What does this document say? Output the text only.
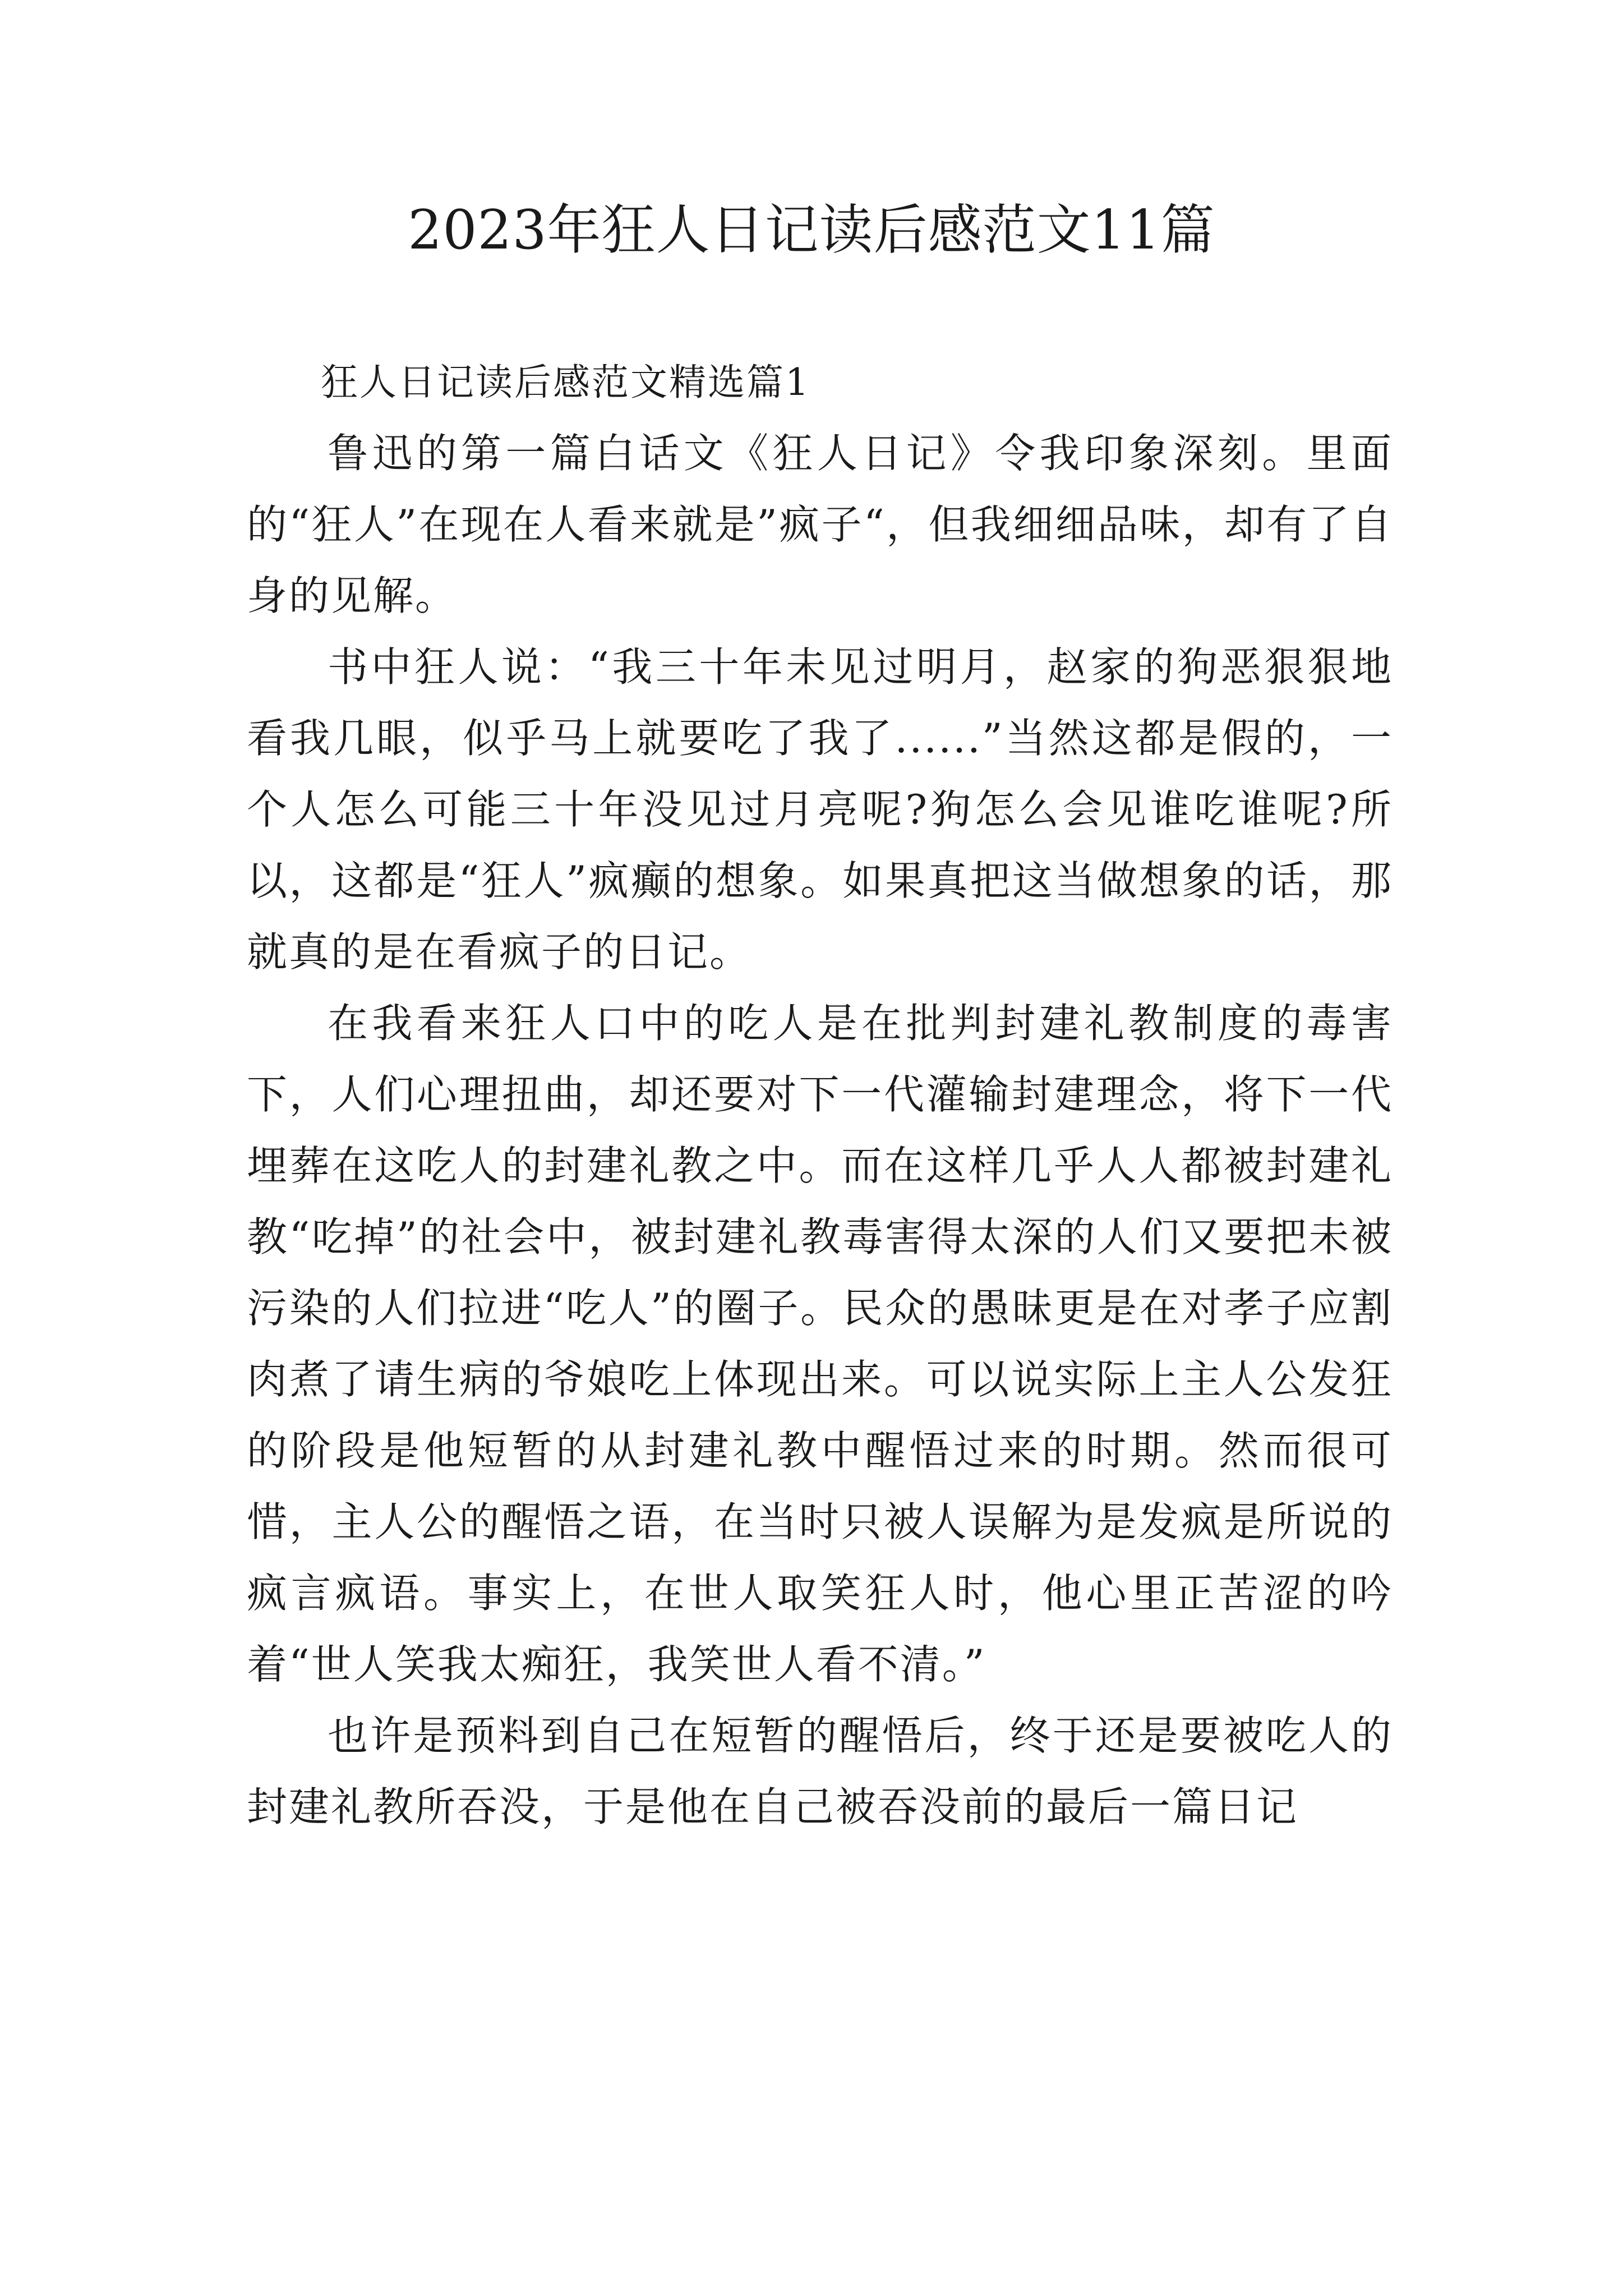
2023年狂人日记读后感范文11篇
狂人日记读后感范文精选篇1

鲁迅的第一篇白话文《狂人日记》令我印象深刻。里面的“狂人”在现在人看来就是”疯子“，但我细细品味，却有了自身的见解。

书中狂人说：“我三十年未见过明月，赵家的狗恶狠狠地看我几眼，似乎马上就要吃了我了......”当然这都是假的，一个人怎么可能三十年没见过月亮呢?狗怎么会见谁吃谁呢?所以，这都是“狂人”疯癫的想象。如果真把这当做想象的话，那就真的是在看疯子的日记。

在我看来狂人口中的吃人是在批判封建礼教制度的毒害下，人们心理扭曲，却还要对下一代灌输封建理念，将下一代埋葬在这吃人的封建礼教之中。而在这样几乎人人都被封建礼教“吃掉”的社会中，被封建礼教毒害得太深的人们又要把未被污染的人们拉进“吃人”的圈子。民众的愚昧更是在对孝子应割肉煮了请生病的爷娘吃上体现出来。可以说实际上主人公发狂的阶段是他短暂的从封建礼教中醒悟过来的时期。然而很可惜，主人公的醒悟之语，在当时只被人误解为是发疯是所说的疯言疯语。事实上，在世人取笑狂人时，他心里正苦涩的吟着“世人笑我太痴狂，我笑世人看不清。”

也许是预料到自己在短暂的醒悟后，终于还是要被吃人的封建礼教所吞没，于是他在自己被吞没前的最后一篇日记
